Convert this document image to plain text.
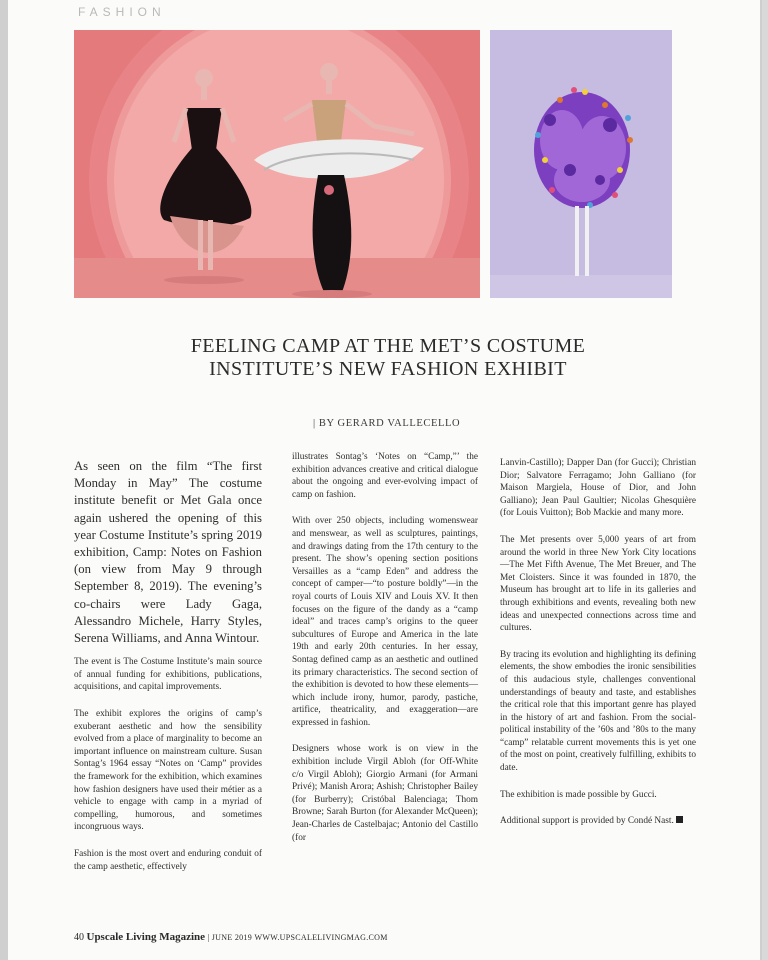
FASHION
FEELING CAMP AT THE MET’S COSTUME
INSTITUTE’S NEW FASHION EXHIBIT
| BY GERARD VALLECELLO

As seen on the film “The first Monday in May” The costume institute benefit or Met Gala once again ushered the opening of this year Costume Institute’s spring 2019 exhibition, Camp: Notes on Fashion (on view from May 9 through September 8, 2019). The evening’s co-chairs were Lady Gaga, Alessandro Michele, Harry Styles, Serena Williams, and Anna Wintour.

The event is The Costume Institute’s main source of annual funding for exhibitions, publications, acquisitions, and capital improvements.

The exhibit explores the origins of camp’s exuberant aesthetic and how the sensibility evolved from a place of marginality to become an important influence on mainstream culture. Susan Sontag’s 1964 essay “Notes on ‘Camp” provides the framework for the exhibition, which examines how fashion designers have used their métier as a vehicle to engage with camp in a myriad of compelling, humorous, and sometimes incongruous ways.

Fashion is the most overt and enduring conduit of the camp aesthetic, effectively

illustrates Sontag’s ‘Notes on “Camp,”’ the exhibition advances creative and critical dialogue about the ongoing and ever-evolving impact of camp on fashion.

With over 250 objects, including womenswear and menswear, as well as sculptures, paintings, and drawings dating from the 17th century to the present. The show’s opening section positions Versailles as a “camp Eden” and address the concept of camper—“to posture boldly”—in the royal courts of Louis XIV and Louis XV. It then focuses on the figure of the dandy as a “camp ideal” and traces camp’s origins to the queer subcultures of Europe and America in the late 19th and early 20th centuries. In her essay, Sontag defined camp as an aesthetic and outlined its primary characteristics. The second section of the exhibition is devoted to how these elements—which include irony, humor, parody, pastiche, artifice, theatricality, and exaggeration—are expressed in fashion.

Designers whose work is on view in the exhibition include Virgil Abloh (for Off-White c/o Virgil Abloh); Giorgio Armani (for Armani Privé); Manish Arora; Ashish; Christopher Bailey (for Burberry); Cristóbal Balenciaga; Thom Browne; Sarah Burton (for Alexander McQueen); Jean-Charles de Castelbajac; Antonio del Castillo (for

Lanvin-Castillo); Dapper Dan (for Gucci); Christian Dior; Salvatore Ferragamo; John Galliano (for Maison Margiela, House of Dior, and John Galliano); Jean Paul Gaultier; Nicolas Ghesquière (for Louis Vuitton); Bob Mackie and many more.

The Met presents over 5,000 years of art from around the world in three New York City locations—The Met Fifth Avenue, The Met Breuer, and The Met Cloisters. Since it was founded in 1870, the Museum has brought art to life in its galleries and through exhibitions and events, revealing both new ideas and unexpected connections across time and cultures.

By tracing its evolution and highlighting its defining elements, the show embodies the ironic sensibilities of this audacious style, challenges conventional understandings of beauty and taste, and establishes the critical role that this important genre has played in the history of art and fashion. From the social-political instability of the ’60s and ’80s to the many “camp” relatable current movements this is yet one of the most on point, creatively fulfilling, exhibits to date.

The exhibition is made possible by Gucci.

Additional support is provided by Condé Nast.

40 Upscale Living Magazine | JUNE 2019 WWW.UPSCALELIVINGMAG.COM
